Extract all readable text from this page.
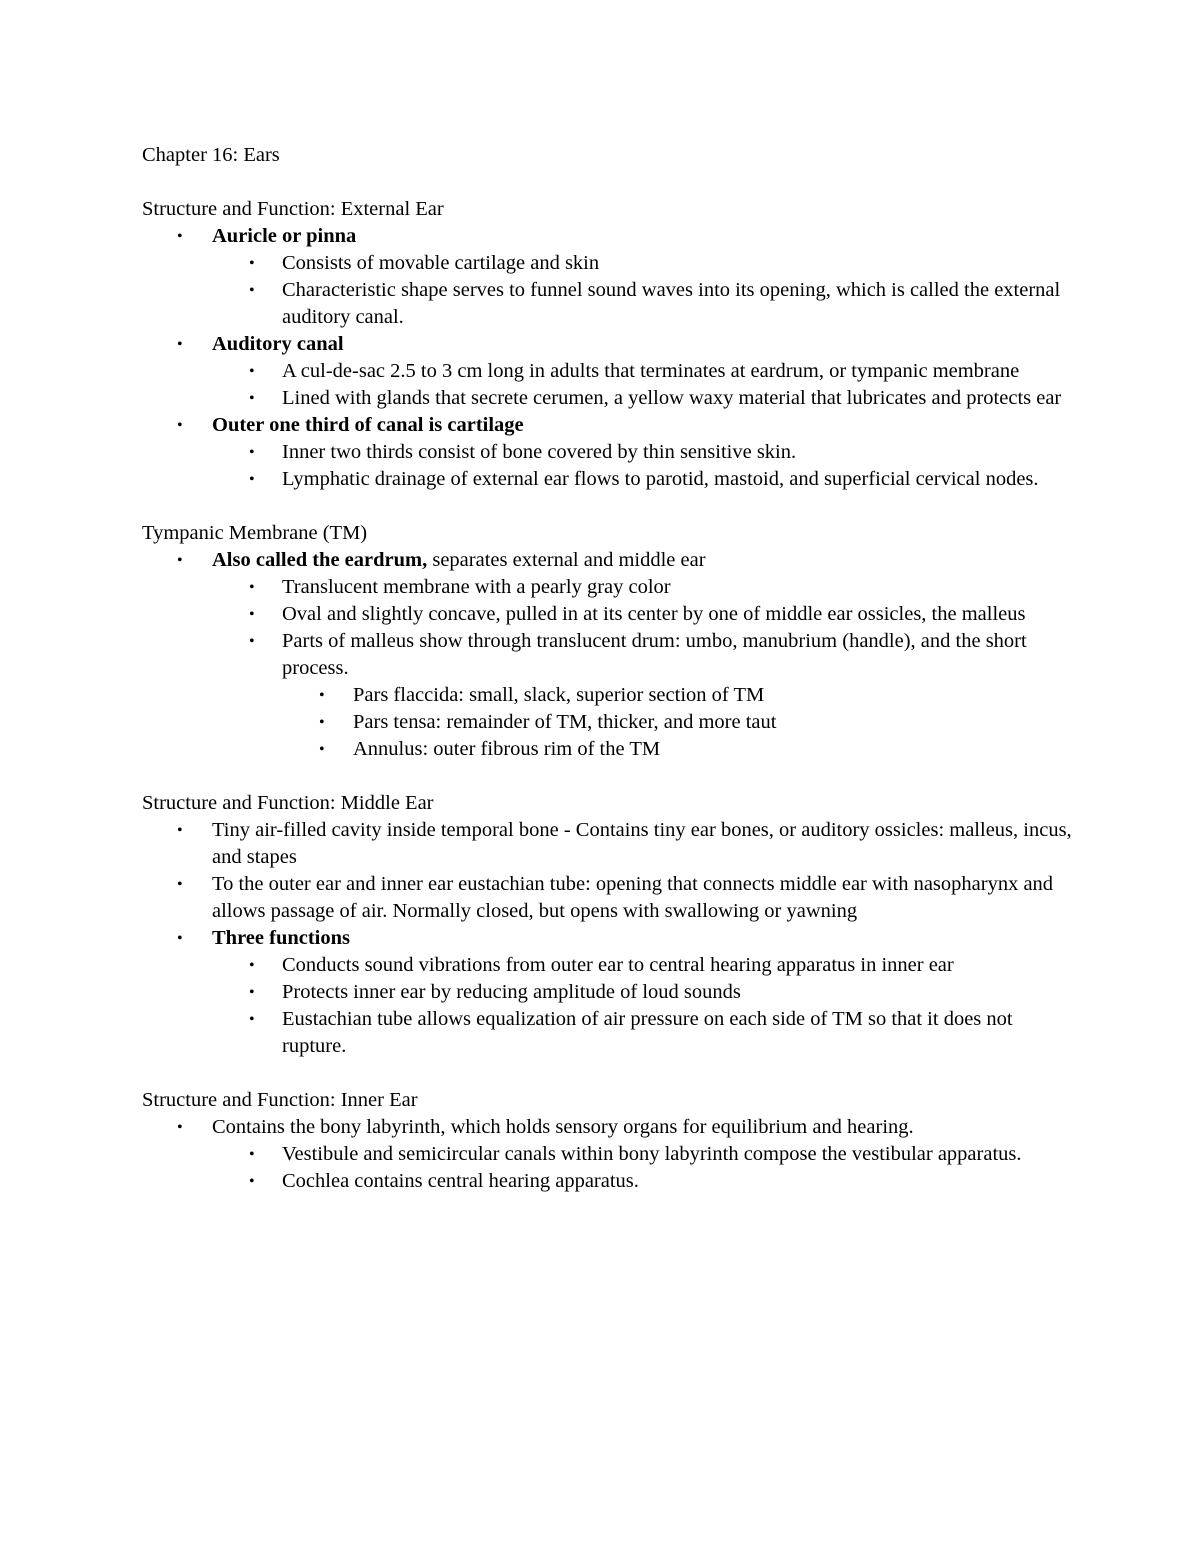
Chapter 16: Ears

Structure and Function: External Ear

• Auricle or pinna
• Consists of movable cartilage and skin
• Characteristic shape serves to funnel sound waves into its opening, which is called the external auditory canal.
• Auditory canal
• A cul-de-sac 2.5 to 3 cm long in adults that terminates at eardrum, or tympanic membrane
• Lined with glands that secrete cerumen, a yellow waxy material that lubricates and protects ear
• Outer one third of canal is cartilage
• Inner two thirds consist of bone covered by thin sensitive skin.
• Lymphatic drainage of external ear flows to parotid, mastoid, and superficial cervical nodes.

Tympanic Membrane (TM)

• Also called the eardrum, separates external and middle ear
• Translucent membrane with a pearly gray color
• Oval and slightly concave, pulled in at its center by one of middle ear ossicles, the malleus
• Parts of malleus show through translucent drum: umbo, manubrium (handle), and the short process.
• Pars flaccida: small, slack, superior section of TM
• Pars tensa: remainder of TM, thicker, and more taut
• Annulus: outer fibrous rim of the TM

Structure and Function: Middle Ear

• Tiny air-filled cavity inside temporal bone - Contains tiny ear bones, or auditory ossicles: malleus, incus, and stapes
• To the outer ear and inner ear eustachian tube: opening that connects middle ear with nasopharynx and allows passage of air. Normally closed, but opens with swallowing or yawning
• Three functions
• Conducts sound vibrations from outer ear to central hearing apparatus in inner ear
• Protects inner ear by reducing amplitude of loud sounds
• Eustachian tube allows equalization of air pressure on each side of TM so that it does not rupture.

Structure and Function: Inner Ear

• Contains the bony labyrinth, which holds sensory organs for equilibrium and hearing.
• Vestibule and semicircular canals within bony labyrinth compose the vestibular apparatus.
• Cochlea contains central hearing apparatus.
